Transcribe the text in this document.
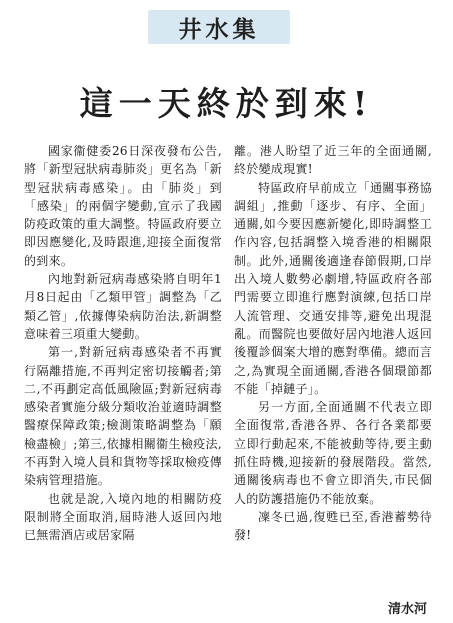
井水集
這一天終於到來!

國家衞健委26日深夜發布公告,將「新型冠狀病毒肺炎」更名為「新型冠狀病毒感染」。由「肺炎」到「感染」的兩個字變動,宣示了我國防疫政策的重大調整。特區政府要立即因應變化,及時跟進,迎接全面復常的到來。

內地對新冠病毒感染將自明年1月8日起由「乙類甲管」調整為「乙類乙管」,依據傳染病防治法,新調整意味着三項重大變動。

第一,對新冠病毒感染者不再實行隔離措施,不再判定密切接觸者;第二,不再劃定高低風險區;對新冠病毒感染者實施分級分類收治並適時調整醫療保障政策;檢測策略調整為「願檢盡檢」;第三,依據相關衞生檢疫法,不再對入境人員和貨物等採取檢疫傳染病管理措施。

也就是說,入境內地的相關防疫限制將全面取消,屆時港人返回內地已無需酒店或居家隔

離。港人盼望了近三年的全面通關,終於變成現實!

特區政府早前成立「通關事務協調組」,推動「逐步、有序、全面」通關,如今要因應新變化,即時調整工作內容,包括調整入境香港的相關限制。此外,通關後適逢春節假期,口岸出入境人數勢必劇增,特區政府各部門需要立即進行應對演練,包括口岸人流管理、交通安排等,避免出現混亂。而醫院也要做好居內地港人返回後覆診個案大增的應對準備。總而言之,為實現全面通關,香港各個環節都不能「掉鏈子」。

另一方面,全面通關不代表立即全面復常,香港各界、各行各業都要立即行動起來,不能被動等待,要主動抓住時機,迎接新的發展階段。當然,通關後病毒也不會立即消失,市民個人的防護措施仍不能放棄。

凜冬已過,復甦已至,香港蓄勢待發!

清水河
